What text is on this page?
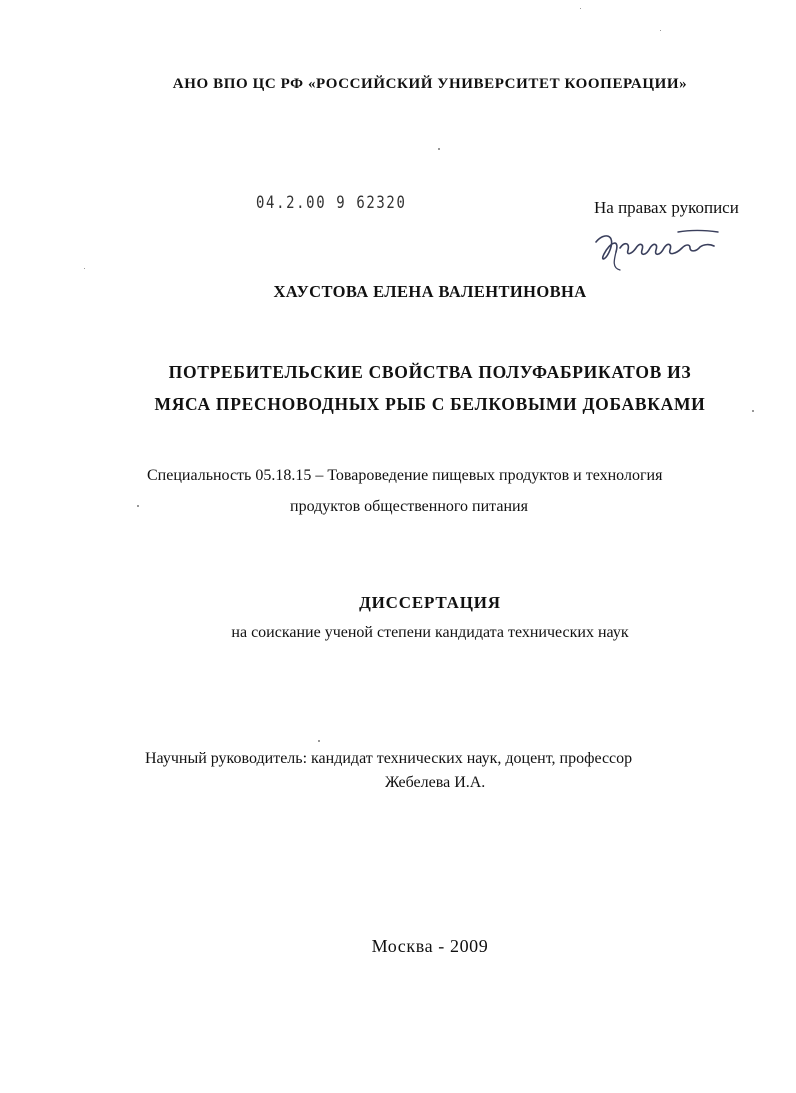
АНО ВПО ЦС РФ «РОССИЙСКИЙ УНИВЕРСИТЕТ КООПЕРАЦИИ»
04.2.00 9 62320	На правах рукописи
ХАУСТОВА ЕЛЕНА ВАЛЕНТИНОВНА
ПОТРЕБИТЕЛЬСКИЕ СВОЙСТВА ПОЛУФАБРИКАТОВ ИЗ
МЯСА ПРЕСНОВОДНЫХ РЫБ С БЕЛКОВЫМИ ДОБАВКАМИ
Специальность 05.18.15 – Товароведение пищевых продуктов и технология
продуктов общественного питания
ДИССЕРТАЦИЯ
на соискание ученой степени кандидата технических наук
Научный руководитель: кандидат технических наук, доцент, профессор
Жебелева И.А.
Москва - 2009
